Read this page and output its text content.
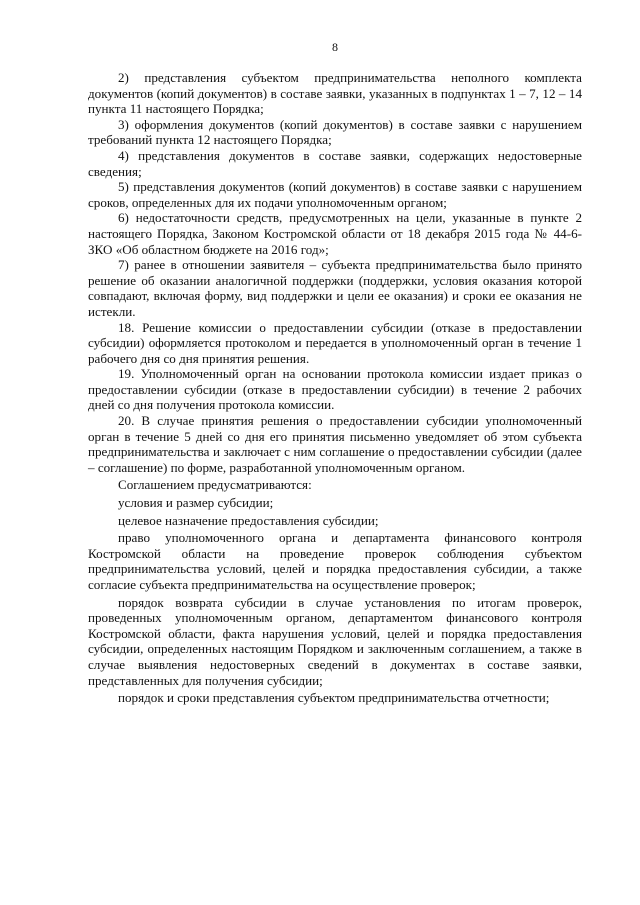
8

2) представления субъектом предпринимательства неполного комплекта документов (копий документов) в составе заявки, указанных в подпунктах 1 – 7, 12 – 14 пункта 11 настоящего Порядка;

3) оформления документов (копий документов) в составе заявки с нарушением требований пункта 12 настоящего Порядка;

4) представления документов в составе заявки, содержащих недостоверные сведения;

5) представления документов (копий документов) в составе заявки с нарушением сроков, определенных для их подачи уполномоченным органом;

6) недостаточности средств, предусмотренных на цели, указанные в пункте 2 настоящего Порядка, Законом Костромской области от 18 декабря 2015 года № 44-6-ЗКО «Об областном бюджете на 2016 год»;

7) ранее в отношении заявителя – субъекта предпринимательства было принято решение об оказании аналогичной поддержки (поддержки, условия оказания которой совпадают, включая форму, вид поддержки и цели ее оказания) и сроки ее оказания не истекли.

18. Решение комиссии о предоставлении субсидии (отказе в предоставлении субсидии) оформляется протоколом и передается в уполномоченный орган в течение 1 рабочего дня со дня принятия решения.

19. Уполномоченный орган на основании протокола комиссии издает приказ о предоставлении субсидии (отказе в предоставлении субсидии) в течение 2 рабочих дней со дня получения протокола комиссии.

20. В случае принятия решения о предоставлении субсидии уполномоченный орган в течение 5 дней со дня его принятия письменно уведомляет об этом субъекта предпринимательства и заключает с ним соглашение о предоставлении субсидии (далее – соглашение) по форме, разработанной уполномоченным органом.

Соглашением предусматриваются:

условия и размер субсидии;

целевое назначение предоставления субсидии;

право уполномоченного органа и департамента финансового контроля Костромской области на проведение проверок соблюдения субъектом предпринимательства условий, целей и порядка предоставления субсидии, а также согласие субъекта предпринимательства на осуществление проверок;

порядок возврата субсидии в случае установления по итогам проверок, проведенных уполномоченным органом, департаментом финансового контроля Костромской области, факта нарушения условий, целей и порядка предоставления субсидии, определенных настоящим Порядком и заключенным соглашением, а также в случае выявления недостоверных сведений в документах в составе заявки, представленных для получения субсидии;

порядок и сроки представления субъектом предпринимательства отчетности;
